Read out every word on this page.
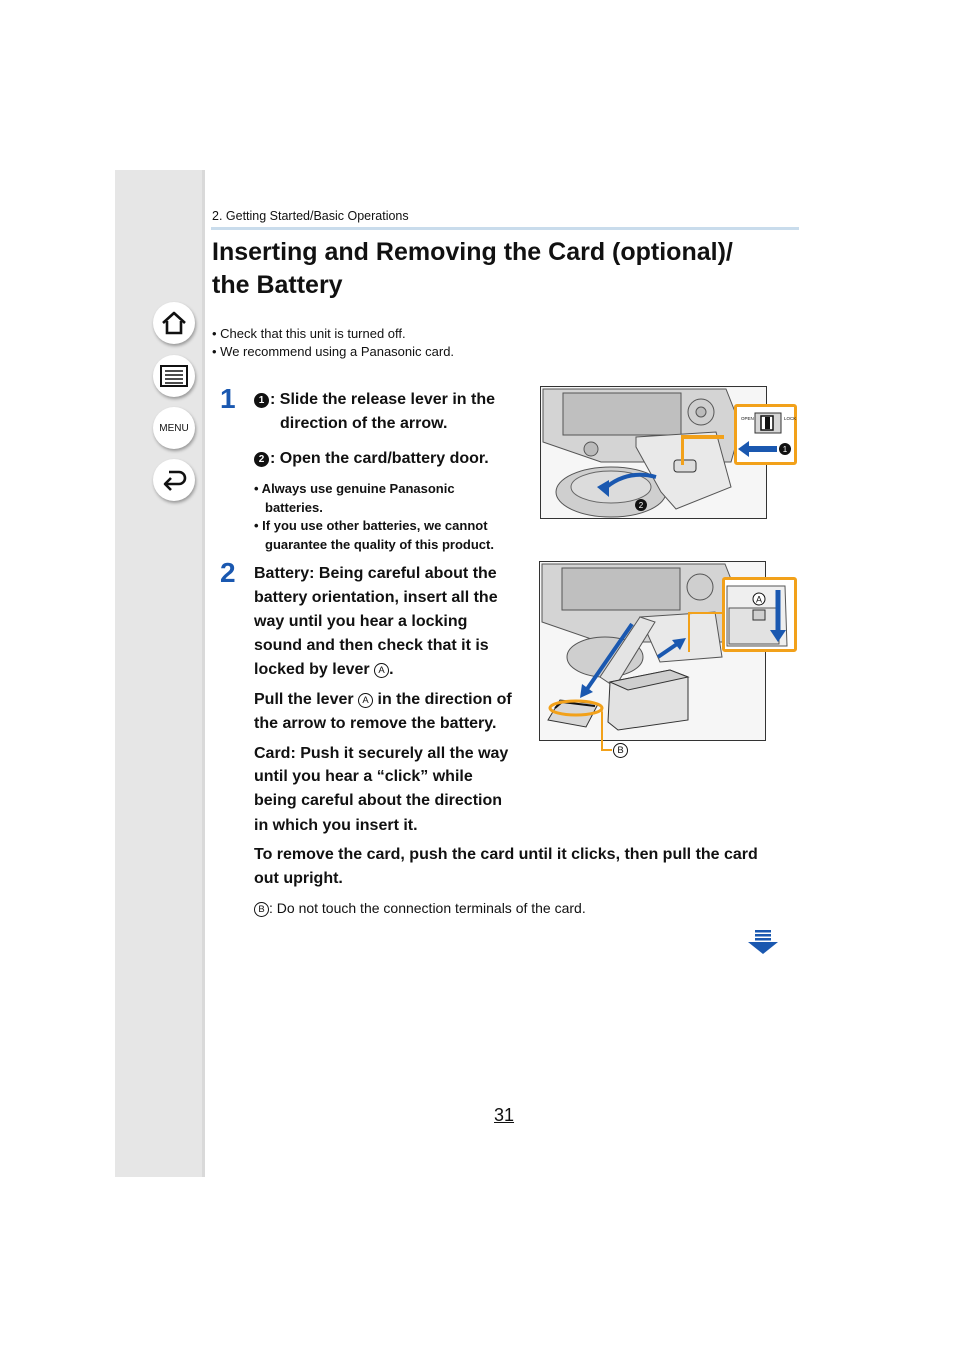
MENU
2. Getting Started/Basic Operations
Inserting and Removing the Card (optional)/
the Battery
• Check that this unit is turned off.
• We recommend using a Panasonic card.
1	1 : Slide the release lever in the
direction of the arrow.
2 : Open the card/battery door.
• Always use genuine Panasonic
batteries.
• If you use other batteries, we cannot
guarantee the quality of this product.
2
OPEN	LOCK
1
2 Battery: Being careful about the
battery orientation, insert all the
way until you hear a locking
sound and then check that it is
locked by lever A .
Pull the lever A in the direction of
the arrow to remove the battery.
Card: Push it securely all the way
until you hear a “click” while
being careful about the direction
in which you insert it.
To remove the card, push the card until it clicks, then pull the card
out upright.
B : Do not touch the connection terminals of the card.
B
A
31
